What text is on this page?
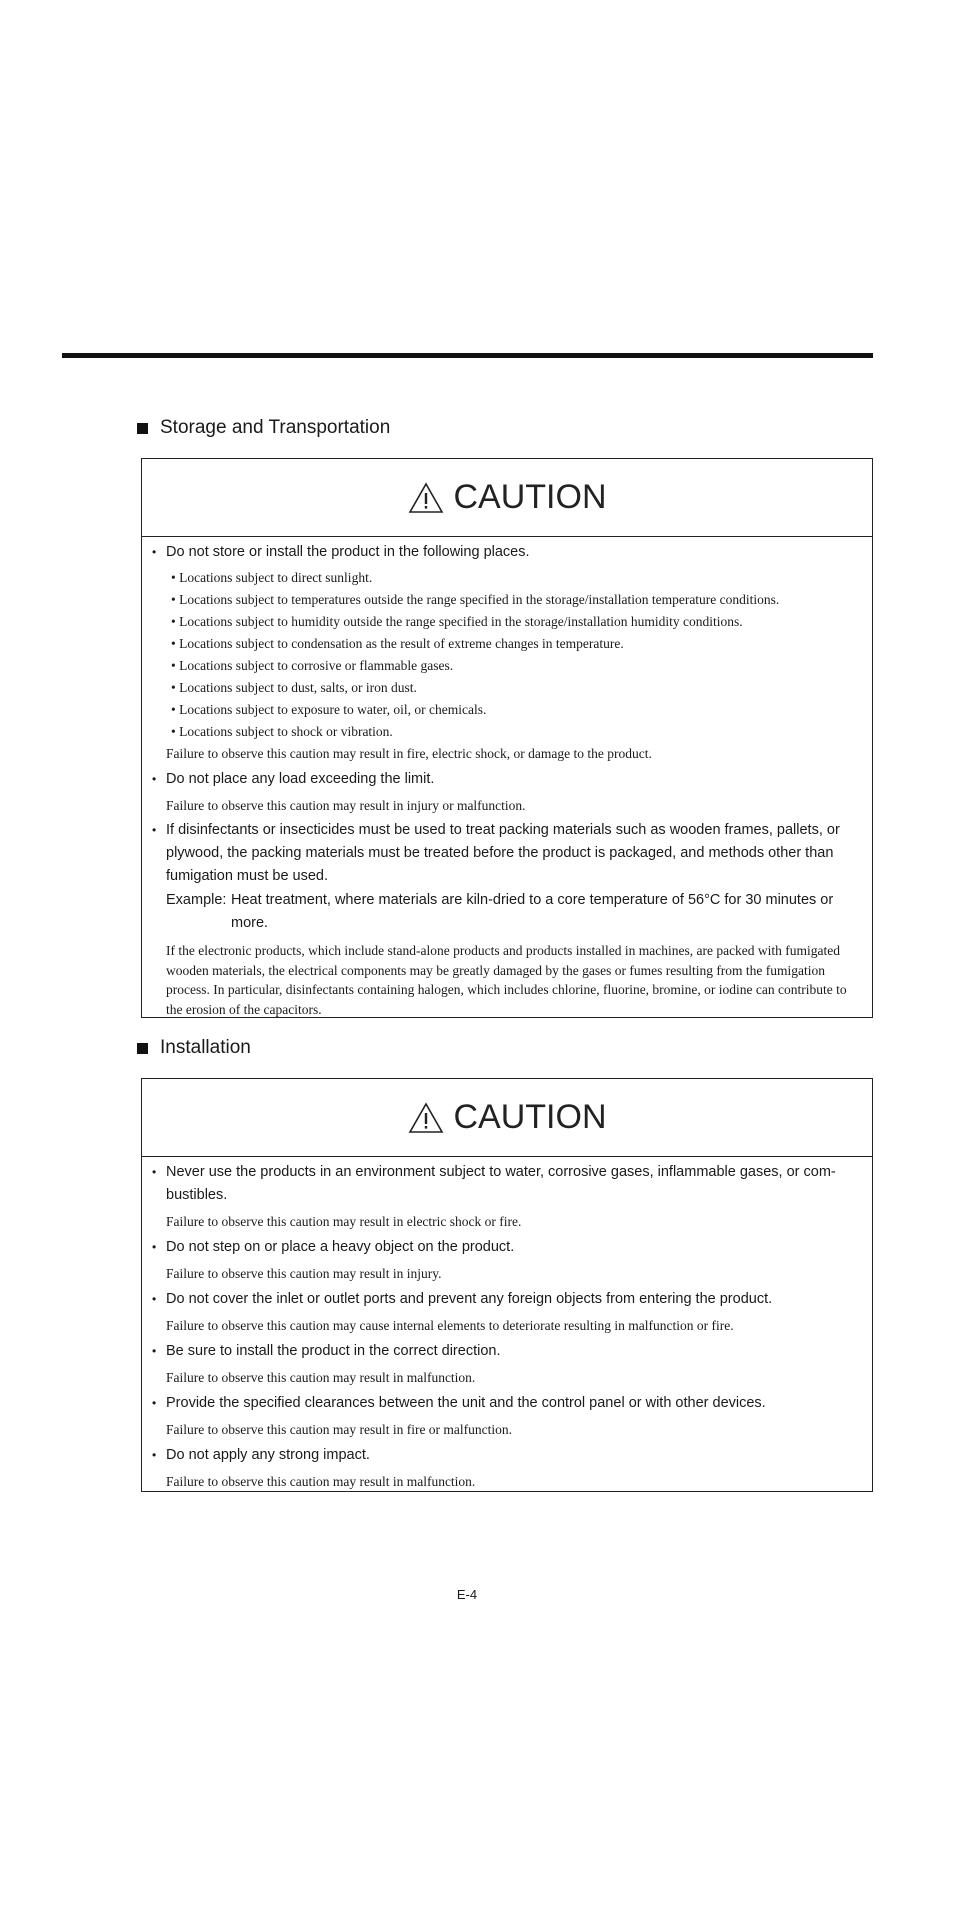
Storage and Transportation
CAUTION
• Do not store or install the product in the following places.
• Locations subject to direct sunlight.
• Locations subject to temperatures outside the range specified in the storage/installation temperature conditions.
• Locations subject to humidity outside the range specified in the storage/installation humidity conditions.
• Locations subject to condensation as the result of extreme changes in temperature.
• Locations subject to corrosive or flammable gases.
• Locations subject to dust, salts, or iron dust.
• Locations subject to exposure to water, oil, or chemicals.
• Locations subject to shock or vibration.
Failure to observe this caution may result in fire, electric shock, or damage to the product.
• Do not place any load exceeding the limit.
Failure to observe this caution may result in injury or malfunction.
• If disinfectants or insecticides must be used to treat packing materials such as wooden frames, pallets, or plywood, the packing materials must be treated before the product is packaged, and methods other than fumigation must be used.
Example: Heat treatment, where materials are kiln-dried to a core temperature of 56°C for 30 minutes or more.
If the electronic products, which include stand-alone products and products installed in machines, are packed with fumigated wooden materials, the electrical components may be greatly damaged by the gases or fumes resulting from the fumigation process. In particular, disinfectants containing halogen, which includes chlorine, fluorine, bromine, or iodine can contribute to the erosion of the capacitors.
Installation
CAUTION
• Never use the products in an environment subject to water, corrosive gases, inflammable gases, or com-bustibles.
Failure to observe this caution may result in electric shock or fire.
• Do not step on or place a heavy object on the product.
Failure to observe this caution may result in injury.
• Do not cover the inlet or outlet ports and prevent any foreign objects from entering the product.
Failure to observe this caution may cause internal elements to deteriorate resulting in malfunction or fire.
• Be sure to install the product in the correct direction.
Failure to observe this caution may result in malfunction.
• Provide the specified clearances between the unit and the control panel or with other devices.
Failure to observe this caution may result in fire or malfunction.
• Do not apply any strong impact.
Failure to observe this caution may result in malfunction.
E-4
